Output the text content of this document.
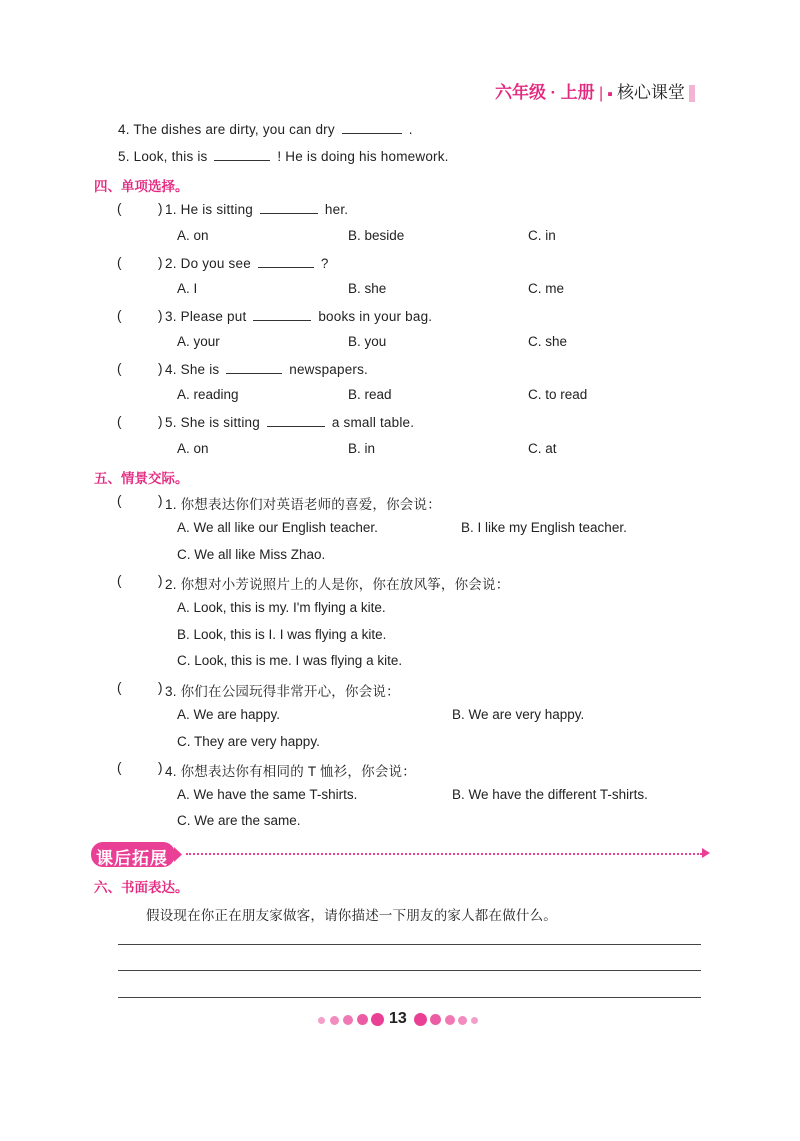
六年级 · 上册 | ■ 核心课堂
4. The dishes are dirty, you can dry	.
5. Look, this is	! He is doing his homework.
四、单项选择。
(	) 1. He is sitting	her.
A. on	B. beside	C. in
(	) 2. Do you see	?
A. I	B. she	C. me
(	) 3. Please put	books in your bag.
A. your	B. you	C. she
(	) 4. She is	newspapers.
A. reading	B. read	C. to read
(	) 5. She is sitting	a small table.
A. on	B. in	C. at
五、情景交际。
(	) 1. 你想表达你们对英语老师的喜爱，你会说：
A. We all like our English teacher.	B. I like my English teacher.
C. We all like Miss Zhao.
(	) 2. 你想对小芳说照片上的人是你，你在放风筝，你会说：
A. Look, this is my. I'm flying a kite.
B. Look, this is I. I was flying a kite.
C. Look, this is me. I was flying a kite.
(	) 3. 你们在公园玩得非常开心，你会说：
A. We are happy.	B. We are very happy.
C. They are very happy.
(	) 4. 你想表达你有相同的 T 恤衫，你会说：
A. We have the same T-shirts.	B. We have the different T-shirts.
C. We are the same.
课后拓展
六、书面表达。
假设现在你正在朋友家做客，请你描述一下朋友的家人都在做什么。
13
